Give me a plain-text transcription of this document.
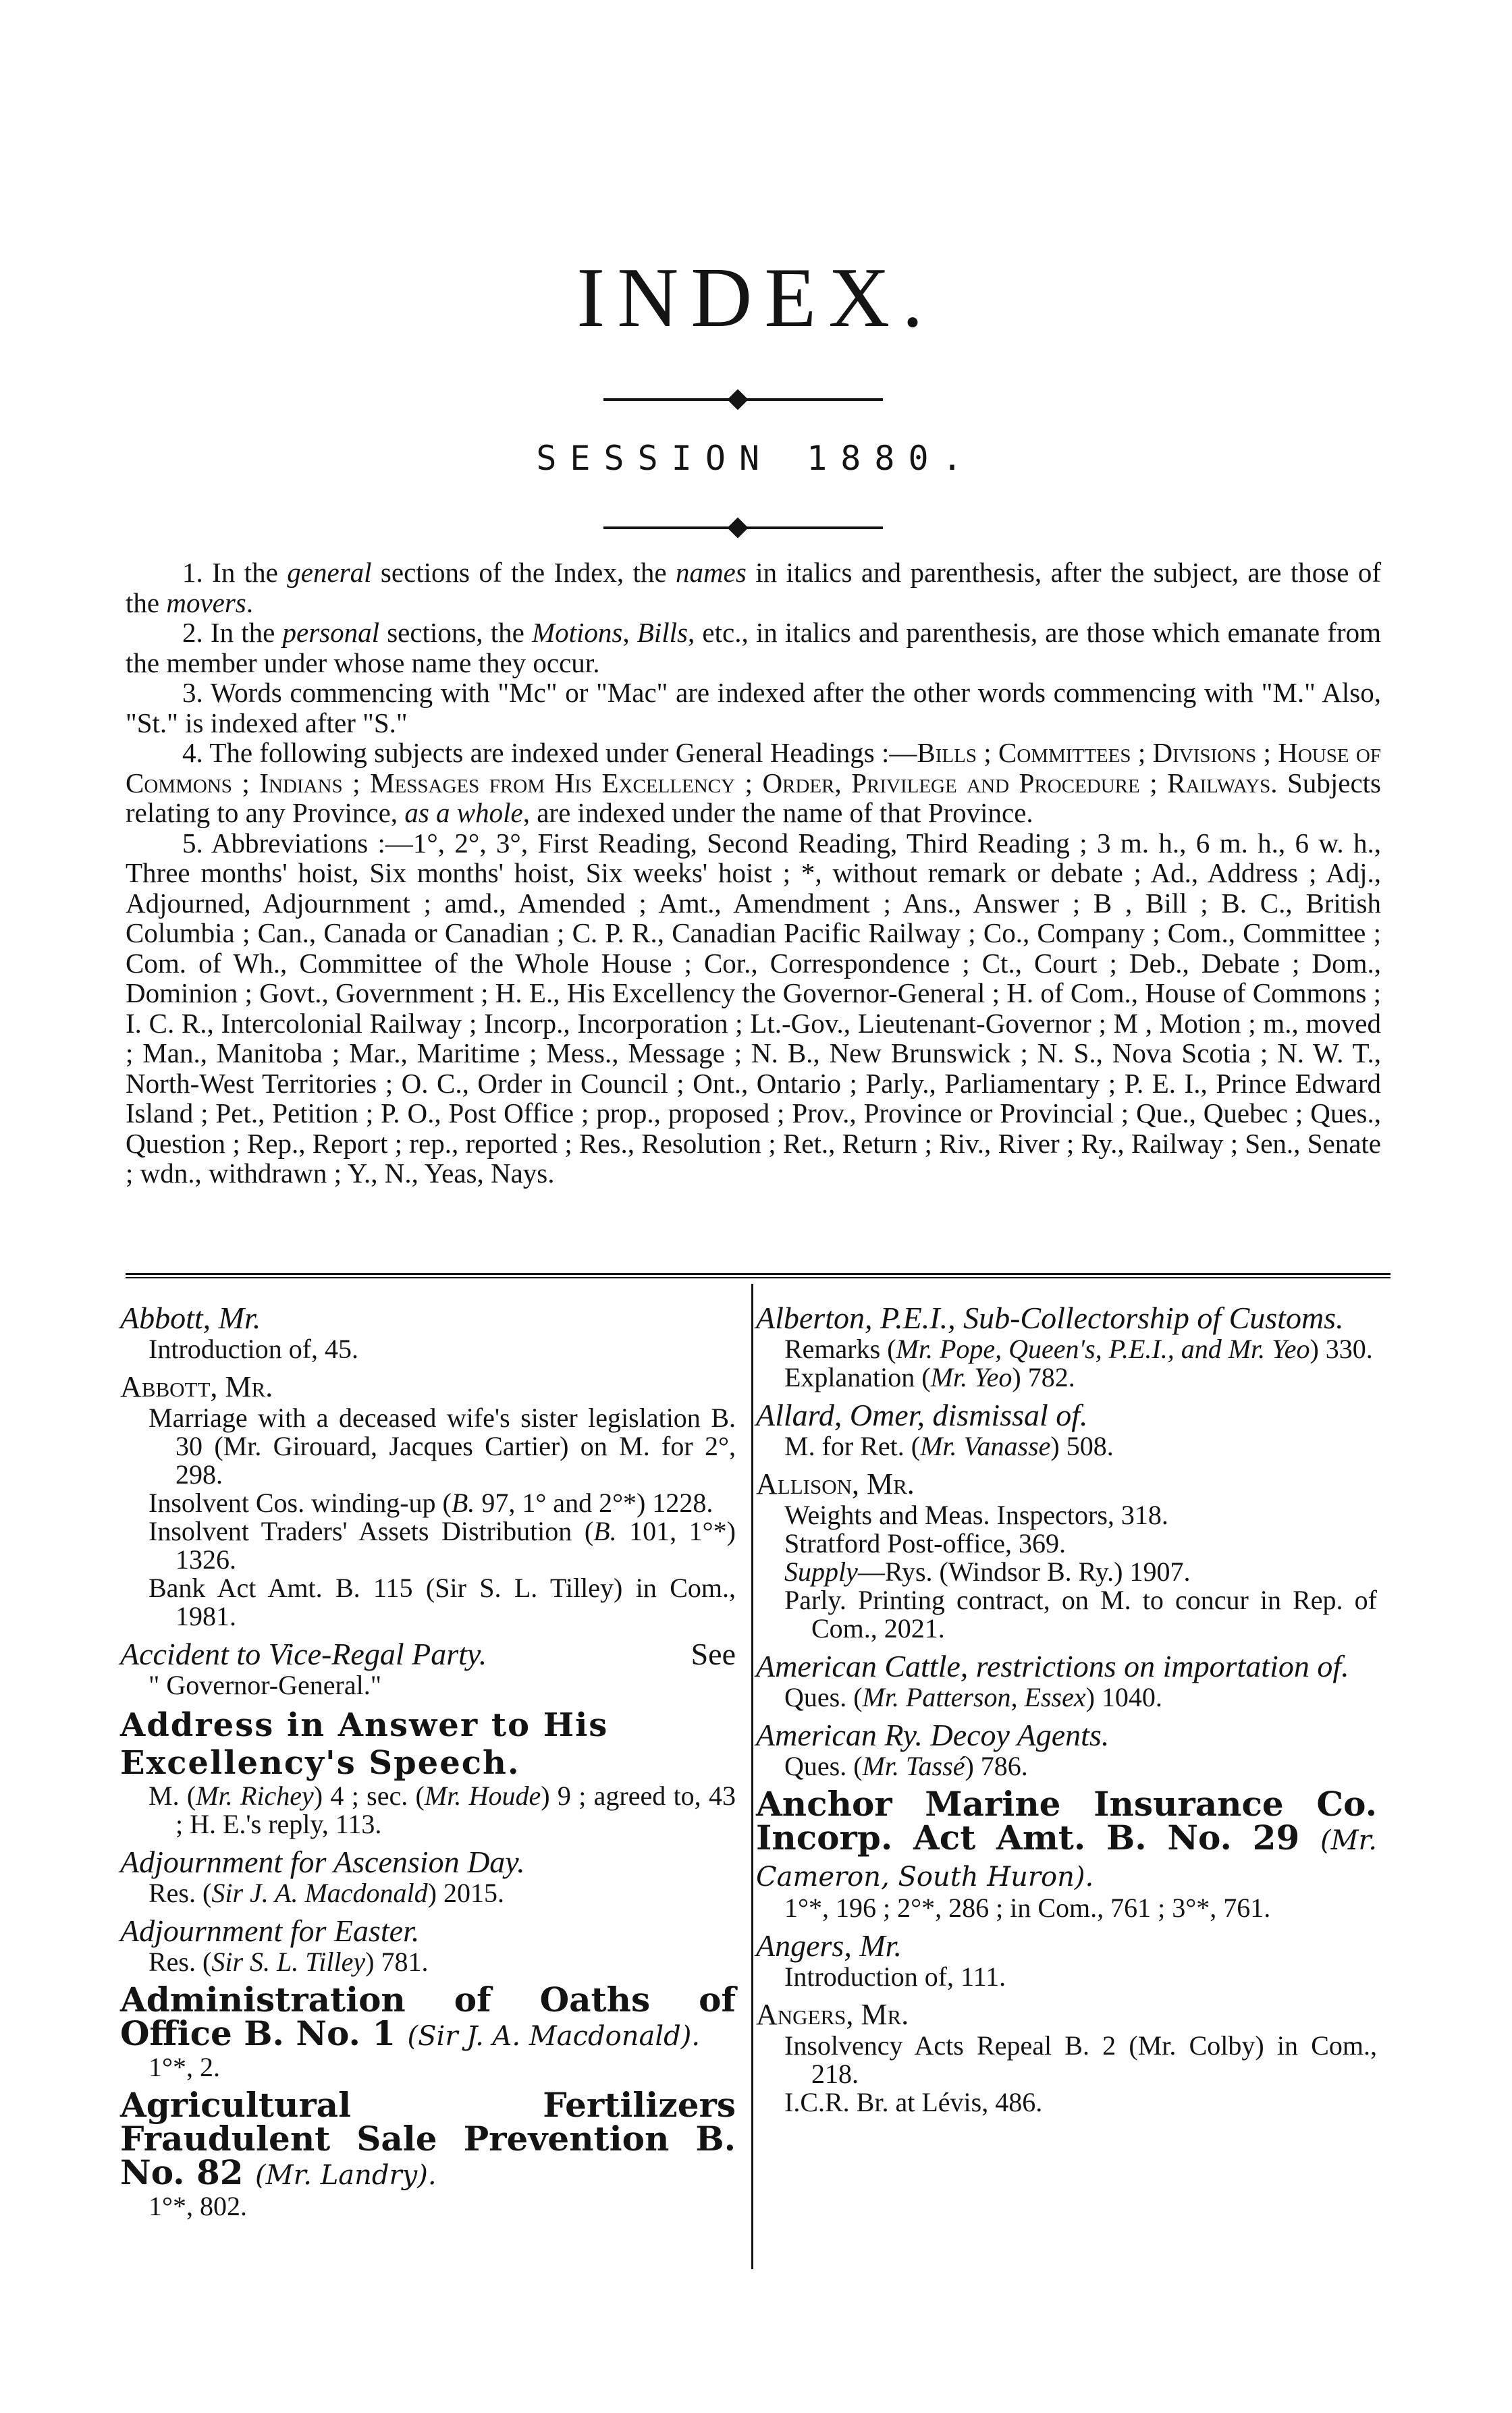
INDEX.
SESSION 1880.

1. In the general sections of the Index, the names in italics and parenthesis, after the subject, are those of the movers.

2. In the personal sections, the Motions, Bills, etc., in italics and parenthesis, are those which emanate from the member under whose name they occur.

3. Words commencing with "Mc" or "Mac" are indexed after the other words commencing with "M." Also, "St." is indexed after "S."

4. The following subjects are indexed under General Headings :—Bills ; Committees ; Divisions ; House of Commons ; Indians ; Messages from His Excellency ; Order, Privilege and Procedure ; Railways. Subjects relating to any Province, as a whole, are indexed under the name of that Province.

5. Abbreviations :—1°, 2°, 3°, First Reading, Second Reading, Third Reading ; 3 m. h., 6 m. h., 6 w. h., Three months' hoist, Six months' hoist, Six weeks' hoist ; *, without remark or debate ; Ad., Address ; Adj., Adjourned, Adjournment ; amd., Amended ; Amt., Amendment ; Ans., Answer ; B , Bill ; B. C., British Columbia ; Can., Canada or Canadian ; C. P. R., Canadian Pacific Railway ; Co., Company ; Com., Committee ; Com. of Wh., Committee of the Whole House ; Cor., Correspondence ; Ct., Court ; Deb., Debate ; Dom., Dominion ; Govt., Government ; H. E., His Excellency the Governor-General ; H. of Com., House of Commons ; I. C. R., Intercolonial Railway ; Incorp., Incorporation ; Lt.-Gov., Lieutenant-Governor ; M , Motion ; m., moved ; Man., Manitoba ; Mar., Maritime ; Mess., Message ; N. B., New Brunswick ; N. S., Nova Scotia ; N. W. T., North-West Territories ; O. C., Order in Council ; Ont., Ontario ; Parly., Parliamentary ; P. E. I., Prince Edward Island ; Pet., Petition ; P. O., Post Office ; prop., proposed ; Prov., Province or Provincial ; Que., Quebec ; Ques., Question ; Rep., Report ; rep., reported ; Res., Resolution ; Ret., Return ; Riv., River ; Ry., Railway ; Sen., Senate ; wdn., withdrawn ; Y., N., Yeas, Nays.

Abbott, Mr.

Introduction of, 45.

Abbott, Mr.

Marriage with a deceased wife's sister legislation B. 30 (Mr. Girouard, Jacques Cartier) on M. for 2°, 298.

Insolvent Cos. winding-up (B. 97, 1° and 2°*) 1228.

Insolvent Traders' Assets Distribution (B. 101, 1°*) 1326.

Bank Act Amt. B. 115 (Sir S. L. Tilley) in Com., 1981.

Accident to Vice-Regal Party.	See

" Governor-General."

Address in Answer to His Excellency's Speech.

M. (Mr. Richey) 4 ; sec. (Mr. Houde) 9 ; agreed to, 43 ; H. E.'s reply, 113.

Adjournment for Ascension Day.

Res. (Sir J. A. Macdonald) 2015.

Adjournment for Easter.

Res. (Sir S. L. Tilley) 781.

Administration of Oaths of Office B. No. 1 (Sir J. A. Macdonald).

1°*, 2.

Agricultural Fertilizers Fraudulent Sale Prevention B. No. 82 (Mr. Landry).

1°*, 802.

Alberton, P.E.I., Sub-Collectorship of Customs.

Remarks (Mr. Pope, Queen's, P.E.I., and Mr. Yeo) 330.

Explanation (Mr. Yeo) 782.

Allard, Omer, dismissal of.

M. for Ret. (Mr. Vanasse) 508.

Allison, Mr.

Weights and Meas. Inspectors, 318.

Stratford Post-office, 369.

Supply—Rys. (Windsor B. Ry.) 1907.

Parly. Printing contract, on M. to concur in Rep. of Com., 2021.

American Cattle, restrictions on importation of.

Ques. (Mr. Patterson, Essex) 1040.

American Ry. Decoy Agents.

Ques. (Mr. Tassé) 786.

Anchor Marine Insurance Co. Incorp. Act Amt. B. No. 29 (Mr. Cameron, South Huron).

1°*, 196 ; 2°*, 286 ; in Com., 761 ; 3°*, 761.

Angers, Mr.

Introduction of, 111.

Angers, Mr.

Insolvency Acts Repeal B. 2 (Mr. Colby) in Com., 218.

I.C.R. Br. at Lévis, 486.
